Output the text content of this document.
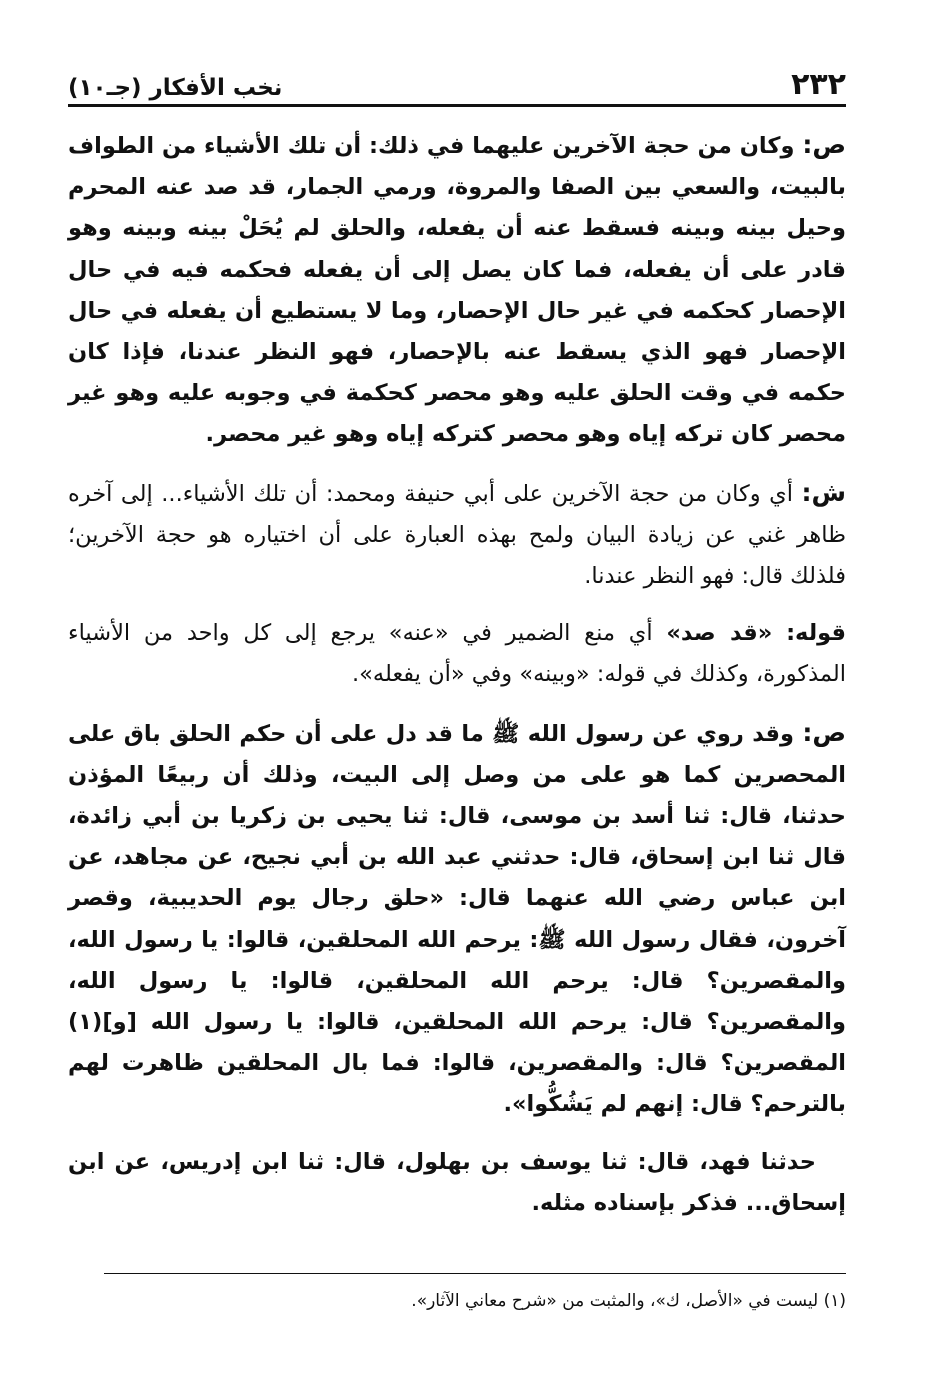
٢٣٢
نخب الأفكار (جـ١٠)

ص: وكان من حجة الآخرين عليهما في ذلك: أن تلك الأشياء من الطواف بالبيت، والسعي بين الصفا والمروة، ورمي الجمار، قد صد عنه المحرم وحيل بينه وبينه فسقط عنه أن يفعله، والحلق لم يُحَلْ بينه وبينه وهو قادر على أن يفعله، فما كان يصل إلى أن يفعله فحكمه فيه في حال الإحصار كحكمه في غير حال الإحصار، وما لا يستطيع أن يفعله في حال الإحصار فهو الذي يسقط عنه بالإحصار، فهو النظر عندنا، فإذا كان حكمه في وقت الحلق عليه وهو محصر كحكمة في وجوبه عليه وهو غير محصر كان تركه إياه وهو محصر كتركه إياه وهو غير محصر.

ش: أي وكان من حجة الآخرين على أبي حنيفة ومحمد: أن تلك الأشياء... إلى آخره ظاهر غني عن زيادة البيان ولمح بهذه العبارة على أن اختياره هو حجة الآخرين؛ فلذلك قال: فهو النظر عندنا.

قوله: «قد صد» أي منع الضمير في «عنه» يرجع إلى كل واحد من الأشياء المذكورة، وكذلك في قوله: «وبينه» وفي «أن يفعله».

ص: وقد روي عن رسول الله ﷺ ما قد دل على أن حكم الحلق باق على المحصرين كما هو على من وصل إلى البيت، وذلك أن ربيعًا المؤذن حدثنا، قال: ثنا أسد بن موسى، قال: ثنا يحيى بن زكريا بن أبي زائدة، قال ثنا ابن إسحاق، قال: حدثني عبد الله بن أبي نجيح، عن مجاهد، عن ابن عباس رضي الله عنهما قال: «حلق رجال يوم الحديبية، وقصر آخرون، فقال رسول الله ﷺ: يرحم الله المحلقين، قالوا: يا رسول الله، والمقصرين؟ قال: يرحم الله المحلقين، قالوا: يا رسول الله، والمقصرين؟ قال: يرحم الله المحلقين، قالوا: يا رسول الله [و](١) المقصرين؟ قال: والمقصرين، قالوا: فما بال المحلقين ظاهرت لهم بالترحم؟ قال: إنهم لم يَشُكُّوا».

حدثنا فهد، قال: ثنا يوسف بن بهلول، قال: ثنا ابن إدريس، عن ابن إسحاق... فذكر بإسناده مثله.

(١) ليست في «الأصل، ك»، والمثبت من «شرح معاني الآثار».
